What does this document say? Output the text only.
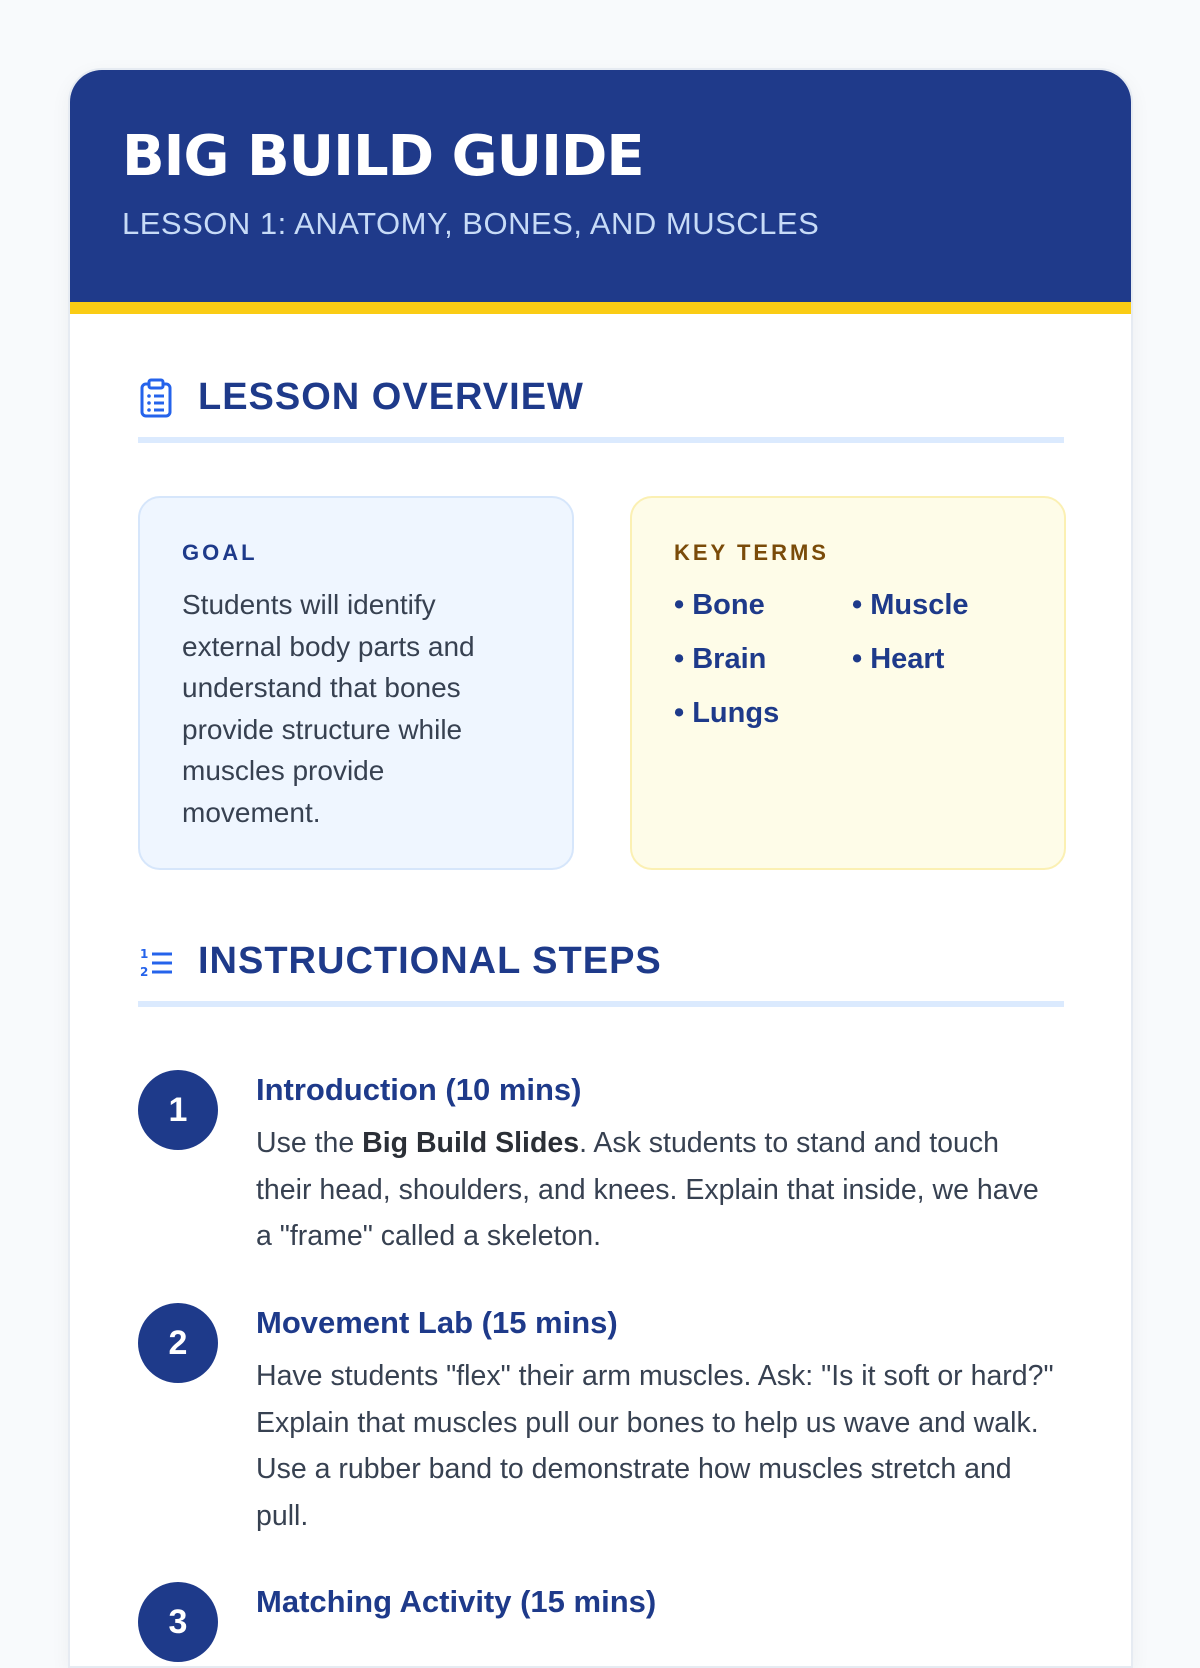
BIG BUILD GUIDE
LESSON 1: ANATOMY, BONES, AND MUSCLES
LESSON OVERVIEW
GOAL
Students will identify external body parts and understand that bones provide structure while muscles provide movement.
KEY TERMS
• Bone	• Muscle
• Brain	• Heart
• Lungs
1
2 INSTRUCTIONAL STEPS
1
Introduction (10 mins)
Use the Big Build Slides. Ask students to stand and touch their head, shoulders, and knees. Explain that inside, we have a "frame" called a skeleton.
2
Movement Lab (15 mins)
Have students "flex" their arm muscles. Ask: "Is it soft or hard?" Explain that muscles pull our bones to help us wave and walk. Use a rubber band to demonstrate how muscles stretch and pull.
3
Matching Activity (15 mins)
